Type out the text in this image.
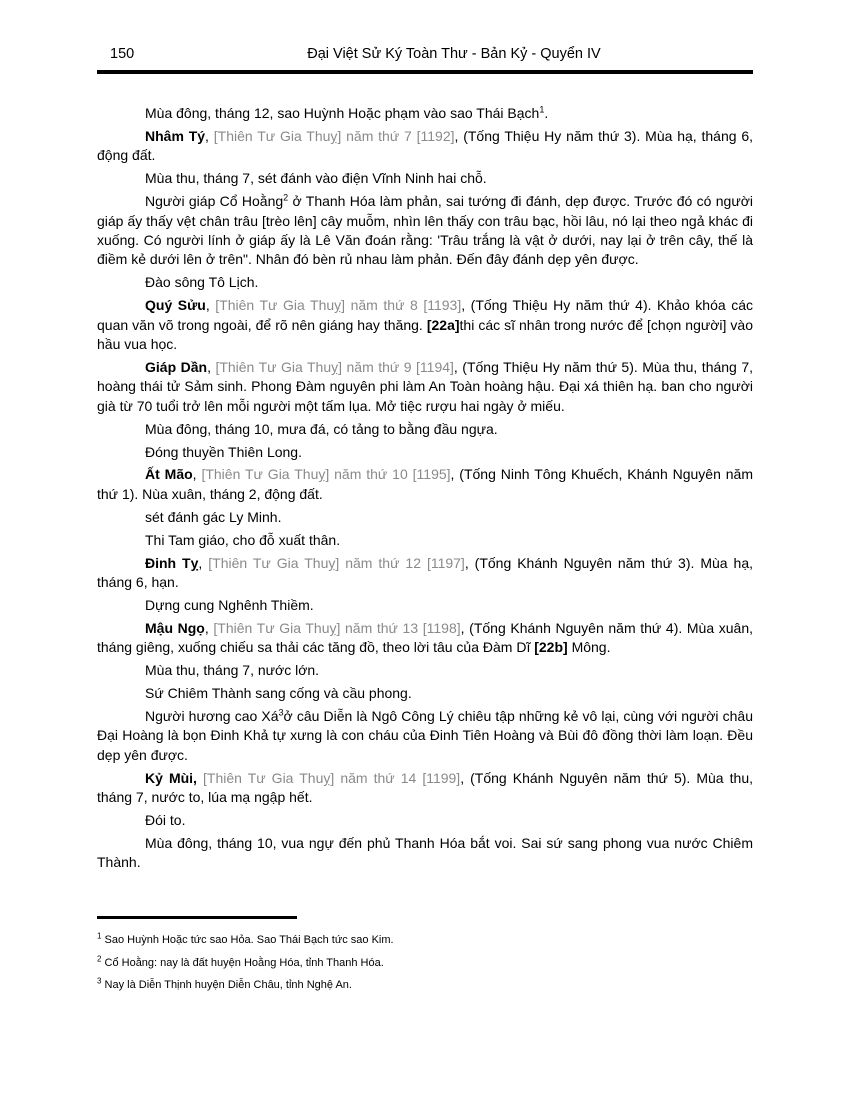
150	Đại Việt Sử Ký Toàn Thư - Bản Kỷ - Quyển IV

Mùa đông, tháng 12, sao Huỳnh Hoặc phạm vào sao Thái Bạch$^1$.

Nhâm Tý, [Thiên Tư Gia Thuỵ] năm thứ 7 [1192], (Tống Thiệu Hy năm thứ 3). Mùa hạ, tháng 6, động đất.

Mùa thu, tháng 7, sét đánh vào điện Vĩnh Ninh hai chỗ.

Người giáp Cổ Hoằng$^2$ ở Thanh Hóa làm phản, sai tướng đi đánh, dẹp được. Trước đó có người giáp ấy thấy vệt chân trâu [trèo lên] cây muỗm, nhìn lên thấy con trâu bạc, hồi lâu, nó lại theo ngả khác đi xuống. Có người lính ở giáp ấy là Lê Văn đoán rằng: 'Trâu trắng là vật ở dưới, nay lại ở trên cây, thế là điềm kẻ dưới lên ở trên". Nhân đó bèn rủ nhau làm phản. Đến đây đánh dẹp yên được.

Đào sông Tô Lịch.

Quý Sửu, [Thiên Tư Gia Thuỵ] năm thứ 8 [1193], (Tống Thiệu Hy năm thứ 4). Khảo khóa các quan văn võ trong ngoài, để rõ nên giáng hay thăng. [22a]thi các sĩ nhân trong nước để [chọn người] vào hầu vua học.

Giáp Dần, [Thiên Tư Gia Thuỵ] năm thứ 9 [1194], (Tống Thiệu Hy năm thứ 5). Mùa thu, tháng 7, hoàng thái tử Sảm sinh. Phong Đàm nguyên phi làm An Toàn hoàng hậu. Đại xá thiên hạ. ban cho người già từ 70 tuổi trở lên mỗi người một tấm lụa. Mở tiệc rượu hai ngày ở miếu.

Mùa đông, tháng 10, mưa đá, có tảng to bằng đầu ngựa.

Đóng thuyền Thiên Long.

Ất Mão, [Thiên Tư Gia Thuỵ] năm thứ 10 [1195], (Tống Ninh Tông Khuếch, Khánh Nguyên năm thứ 1). Nùa xuân, tháng 2, động đất.

sét đánh gác Ly Minh.

Thi Tam giáo, cho đỗ xuất thân.

Đinh Tỵ, [Thiên Tư Gia Thuỵ] năm thứ 12 [1197], (Tống Khánh Nguyên năm thứ 3). Mùa hạ, tháng 6, hạn.

Dựng cung Nghênh Thiềm.

Mậu Ngọ, [Thiên Tư Gia Thuỵ] năm thứ 13 [1198], (Tống Khánh Nguyên năm thứ 4). Mùa xuân, tháng giêng, xuống chiếu sa thải các tăng đồ, theo lời tâu của Đàm Dĩ [22b] Mông.

Mùa thu, tháng 7, nước lớn.

Sứ Chiêm Thành sang cống và cầu phong.

Người hương cao Xá$^3$ở câu Diễn là Ngô Công Lý chiêu tập những kẻ vô lại, cùng với người châu Đại Hoàng là bọn Đinh Khả tự xưng là con cháu của Đinh Tiên Hoàng và Bùi đô đồng thời làm loạn. Đều dẹp yên được.

Kỷ Mùi, [Thiên Tư Gia Thuỵ] năm thứ 14 [1199], (Tống Khánh Nguyên năm thứ 5). Mùa thu, tháng 7, nước to, lúa mạ ngập hết.

Đói to.

Mùa đông, tháng 10, vua ngự đến phủ Thanh Hóa bắt voi. Sai sứ sang phong vua nước Chiêm Thành.

$^1$ Sao Huỳnh Hoặc tức sao Hỏa. Sao Thái Bạch tức sao Kim.

$^2$ Cổ Hoằng: nay là đất huyện Hoằng Hóa, tỉnh Thanh Hóa.

$^3$ Nay là Diễn Thịnh huyện Diễn Châu, tỉnh Nghệ An.
